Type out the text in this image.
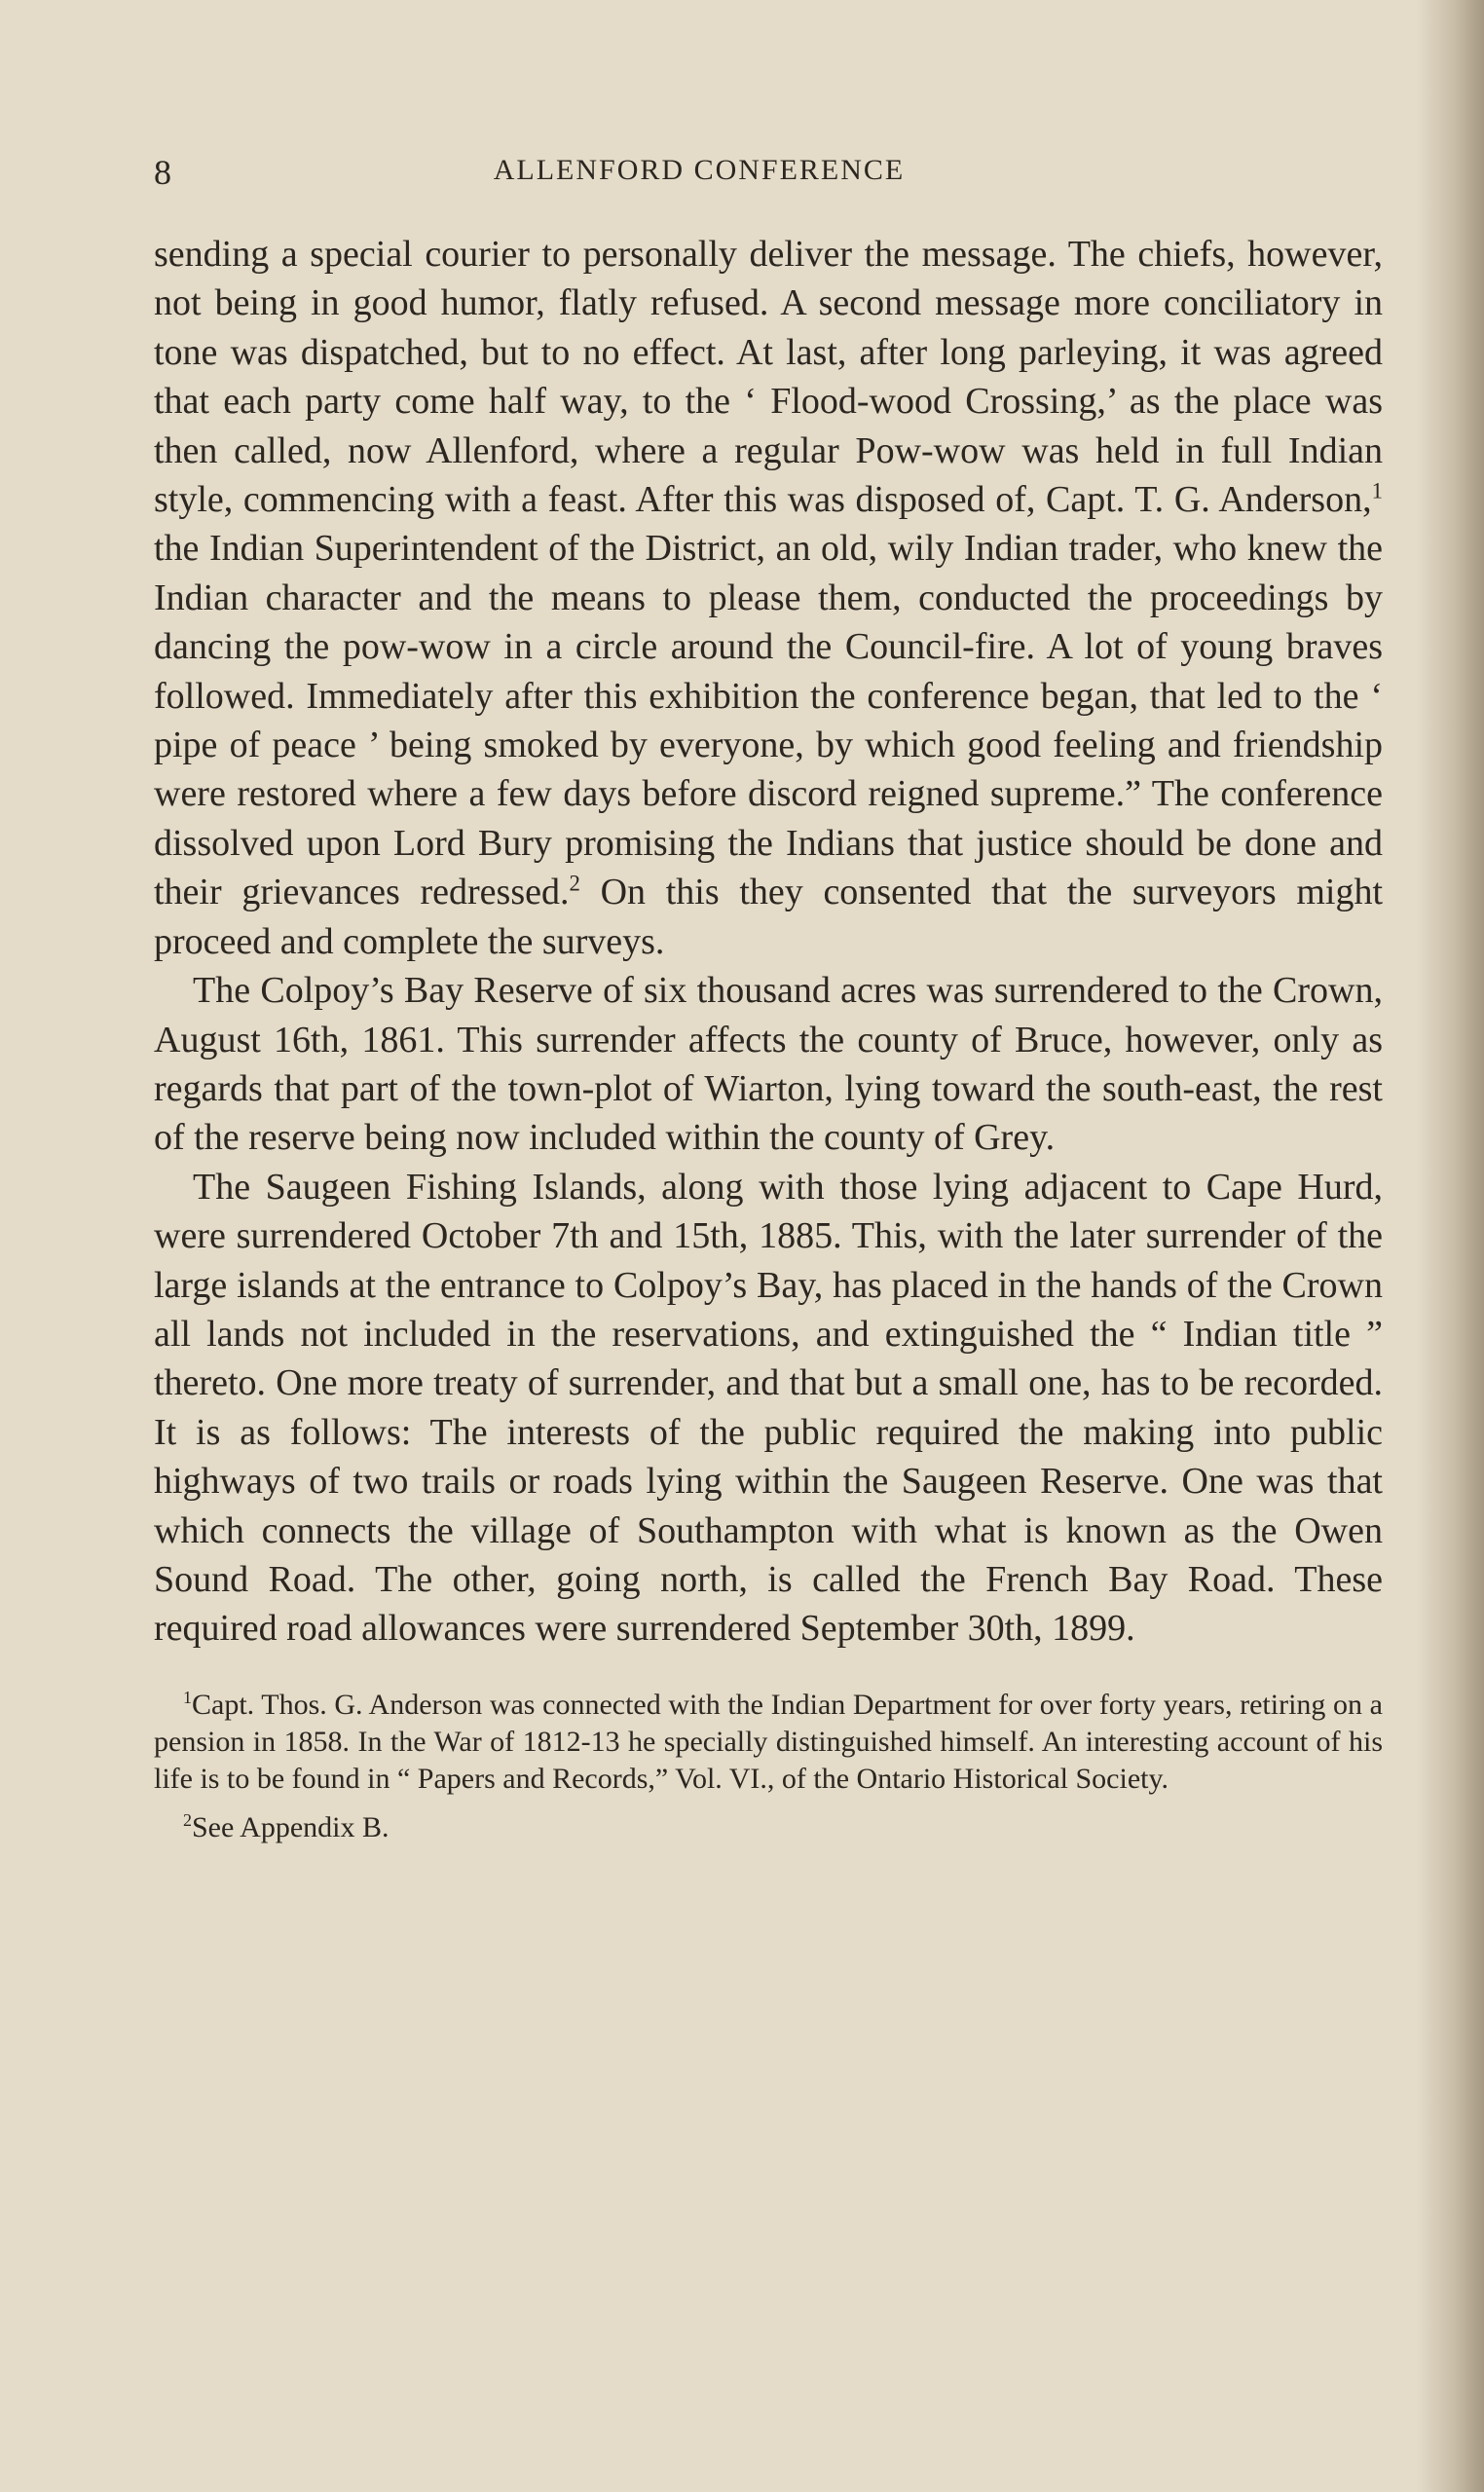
8	ALLENFORD CONFERENCE

sending a special courier to personally deliver the message. The chiefs, however, not being in good humor, flatly refused. A second message more conciliatory in tone was dispatched, but to no effect. At last, after long parleying, it was agreed that each party come half way, to the ‘ Flood-wood Crossing,’ as the place was then called, now Allenford, where a regular Pow-wow was held in full Indian style, commencing with a feast. After this was disposed of, Capt. T. G. Anderson,$^1$ the Indian Superintendent of the District, an old, wily Indian trader, who knew the Indian character and the means to please them, conducted the proceedings by dancing the pow-wow in a circle around the Council-fire. A lot of young braves followed. Immediately after this exhibition the conference began, that led to the ‘ pipe of peace ’ being smoked by everyone, by which good feeling and friendship were restored where a few days before discord reigned supreme.” The conference dissolved upon Lord Bury promising the Indians that justice should be done and their grievances redressed.$^2$ On this they consented that the surveyors might proceed and complete the surveys.

The Colpoy’s Bay Reserve of six thousand acres was surrendered to the Crown, August 16th, 1861. This surrender affects the county of Bruce, however, only as regards that part of the town-plot of Wiarton, lying toward the south-east, the rest of the reserve being now included within the county of Grey.

The Saugeen Fishing Islands, along with those lying adjacent to Cape Hurd, were surrendered October 7th and 15th, 1885. This, with the later surrender of the large islands at the entrance to Colpoy’s Bay, has placed in the hands of the Crown all lands not included in the reservations, and extinguished the “ Indian title ” thereto. One more treaty of surrender, and that but a small one, has to be recorded. It is as follows: The interests of the public required the making into public highways of two trails or roads lying within the Saugeen Reserve. One was that which connects the village of Southampton with what is known as the Owen Sound Road. The other, going north, is called the French Bay Road. These required road allowances were surrendered September 30th, 1899.

$^1$Capt. Thos. G. Anderson was connected with the Indian Department for over forty years, retiring on a pension in 1858. In the War of 1812-13 he specially distinguished himself. An interesting account of his life is to be found in “ Papers and Records,” Vol. VI., of the Ontario Historical Society.

$^2$See Appendix B.
